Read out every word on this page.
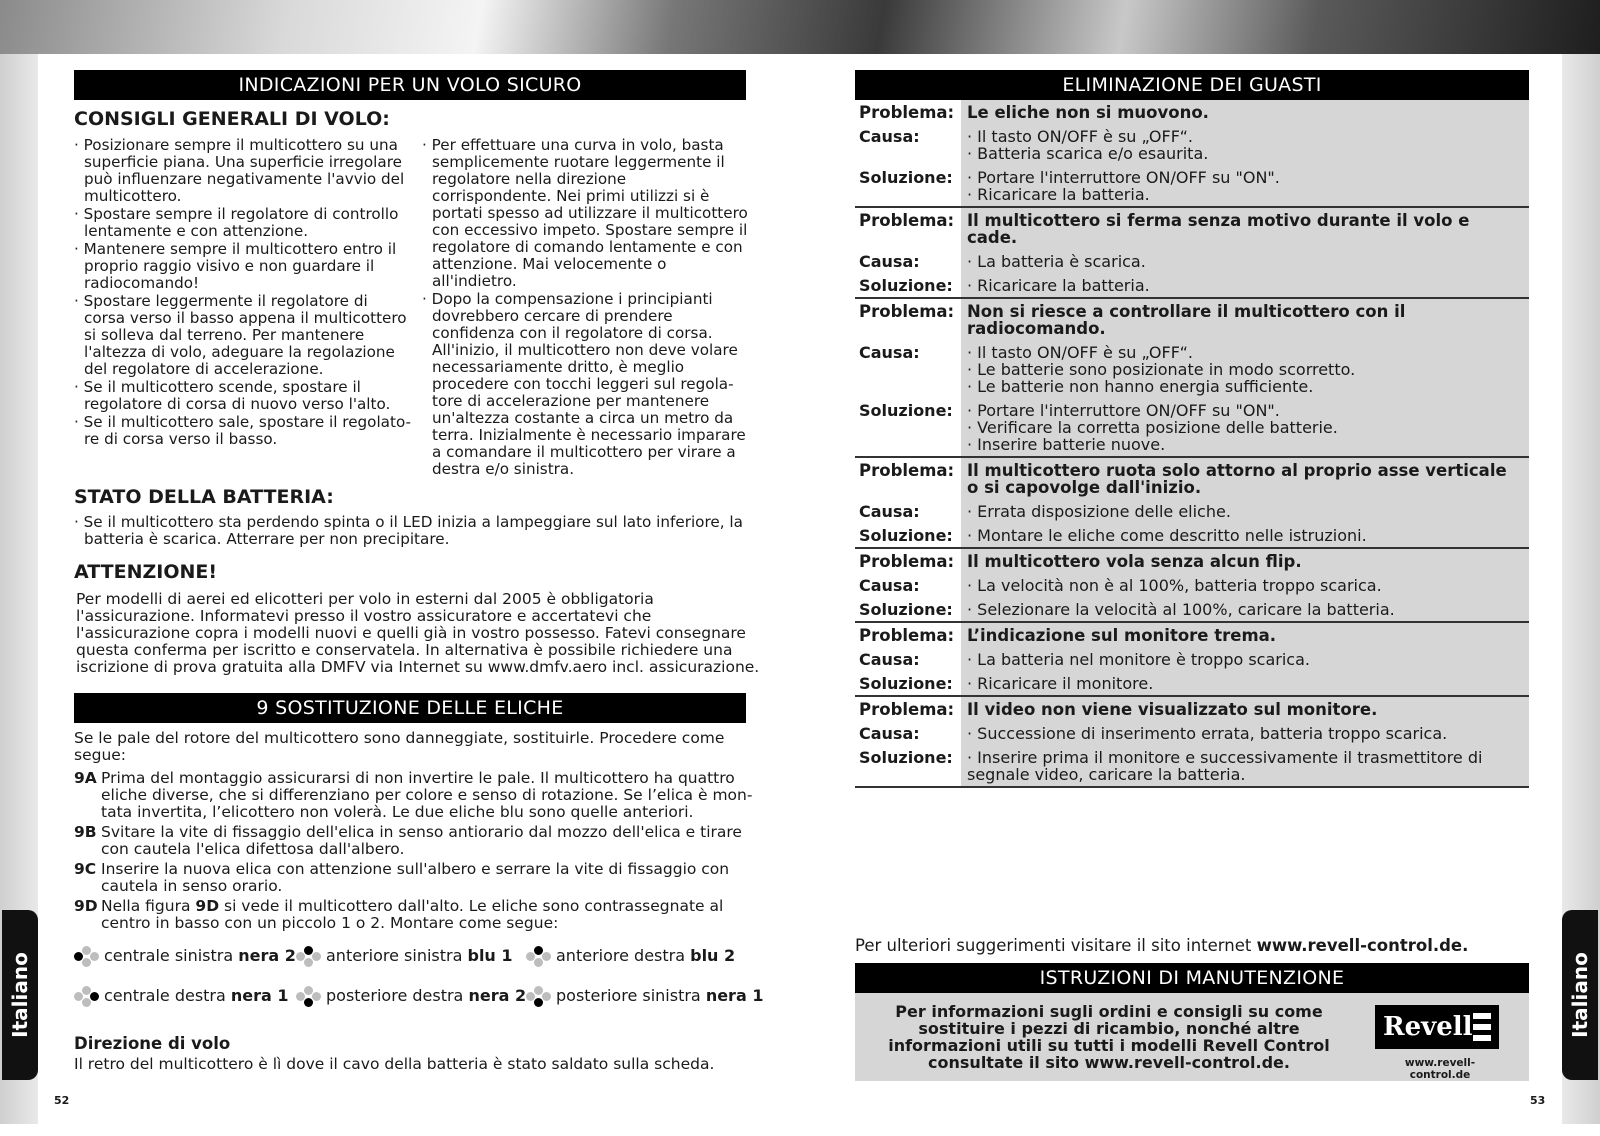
INDICAZIONI PER UN VOLO SICURO
CONSIGLI GENERALI DI VOLO:
· Posizionare sempre il multicottero su una superficie piana. Una superficie irregolare può influenzare negativamente l'avvio del multicottero.
· Spostare sempre il regolatore di controllo lentamente e con attenzione.
· Mantenere sempre il multicottero entro il proprio raggio visivo e non guardare il radiocomando!
· Spostare leggermente il regolatore di corsa verso il basso appena il multicottero si solleva dal terreno. Per mantenere l'altezza di volo, adeguare la regolazione del regolatore di accelerazione.
· Se il multicottero scende, spostare il regolatore di corsa di nuovo verso l'alto.
· Se il multicottero sale, spostare il regolato-re di corsa verso il basso.
· Per effettuare una curva in volo, basta semplicemente ruotare leggermente il regolatore nella direzione corrispondente. Nei primi utilizzi si è portati spesso ad utilizzare il multicottero con eccessivo impeto. Spostare sempre il regolatore di comando lentamente e con attenzione. Mai velocemente o all'indietro.
· Dopo la compensazione i principianti dovrebbero cercare di prendere confidenza con il regolatore di corsa. All'inizio, il multicottero non deve volare necessariamente dritto, è meglio procedere con tocchi leggeri sul regola-tore di accelerazione per mantenere un'altezza costante a circa un metro da terra. Inizialmente è necessario imparare a comandare il multicottero per virare a destra e/o sinistra.
STATO DELLA BATTERIA:
· Se il multicottero sta perdendo spinta o il LED inizia a lampeggiare sul lato inferiore, la batteria è scarica. Atterrare per non precipitare.
ATTENZIONE!
Per modelli di aerei ed elicotteri per volo in esterni dal 2005 è obbligatoria l'assicurazione. Informatevi presso il vostro assicuratore e accertatevi che l'assicurazione copra i modelli nuovi e quelli già in vostro possesso. Fatevi consegnare questa conferma per iscritto e conservatela. In alternativa è possibile richiedere una iscrizione di prova gratuita alla DMFV via Internet su www.dmfv.aero incl. assicurazione.
9 SOSTITUZIONE DELLE ELICHE
Se le pale del rotore del multicottero sono danneggiate, sostituirle. Procedere come segue:
9A Prima del montaggio assicurarsi di non invertire le pale. Il multicottero ha quattro eliche diverse, che si differenziano per colore e senso di rotazione. Se l’elica è mon-tata invertita, l’elicottero non volerà. Le due eliche blu sono quelle anteriori.
9B Svitare la vite di fissaggio dell'elica in senso antiorario dal mozzo dell'elica e tirare con cautela l'elica difettosa dall'albero.
9C Inserire la nuova elica con attenzione sull'albero e serrare la vite di fissaggio con cautela in senso orario.
9D Nella figura 9D si vede il multicottero dall'alto. Le eliche sono contrassegnate al centro in basso con un piccolo 1 o 2. Montare come segue:
centrale sinistra nera 2 anteriore sinistra blu 1	anteriore destra blu 2
centrale destra nera 1 posteriore destra nera 2 posteriore sinistra nera 1
Direzione di volo
Il retro del multicottero è lì dove il cavo della batteria è stato saldato sulla scheda.
Italiano
52
ELIMINAZIONE DEI GUASTI
Problema: Le eliche non si muovono.
Causa:	· Il tasto ON/OFF è su „OFF“.
· Batteria scarica e/o esaurita.
Soluzione:	· Portare l'interruttore ON/OFF su "ON".
· Ricaricare la batteria.
Problema: Il multicottero si ferma senza motivo durante il volo e cade.
Causa:	· La batteria è scarica.
Soluzione:	· Ricaricare la batteria.
Problema: Non si riesce a controllare il multicottero con il radiocomando.
Causa:	· Il tasto ON/OFF è su „OFF“.
· Le batterie sono posizionate in modo scorretto.
· Le batterie non hanno energia sufficiente.
Soluzione:	· Portare l'interruttore ON/OFF su "ON".
· Verificare la corretta posizione delle batterie.
· Inserire batterie nuove.
Problema: Il multicottero ruota solo attorno al proprio asse verticale o si capovolge dall'inizio.
Causa:	· Errata disposizione delle eliche.
Soluzione:	· Montare le eliche come descritto nelle istruzioni.
Problema: Il multicottero vola senza alcun flip.
Causa:	· La velocità non è al 100%, batteria troppo scarica.
Soluzione:	· Selezionare la velocità al 100%, caricare la batteria.
Problema: L’indicazione sul monitore trema.
Causa:	· La batteria nel monitore è troppo scarica.
Soluzione:	· Ricaricare il monitore.
Problema: Il video non viene visualizzato sul monitore.
Causa:	· Successione di inserimento errata, batteria troppo scarica.
Soluzione:	· Inserire prima il monitore e successivamente il trasmettitore di segnale video, caricare la batteria.
Per ulteriori suggerimenti visitare il sito internet www.revell-control.de.
ISTRUZIONI DI MANUTENZIONE
Per informazioni sugli ordini e consigli su come sostituire i pezzi di ricambio, nonché altre informazioni utili su tutti i modelli Revell Control consultate il sito www.revell-control.de.
Revell
www.revell-control.de
Italiano
53
